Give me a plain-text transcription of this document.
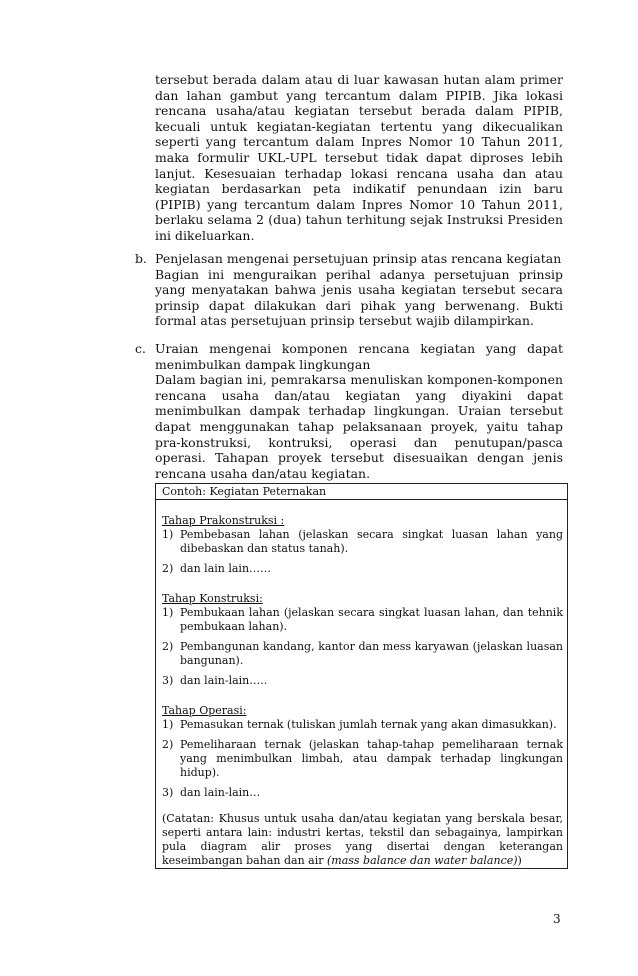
tersebut berada dalam atau di luar kawasan hutan alam primer dan lahan gambut yang tercantum dalam PIPIB. Jika lokasi rencana usaha/atau kegiatan tersebut berada dalam PIPIB, kecuali untuk kegiatan-kegiatan tertentu yang dikecualikan seperti yang tercantum dalam Inpres Nomor 10 Tahun 2011, maka formulir UKL-UPL tersebut tidak dapat diproses lebih lanjut. Kesesuaian terhadap lokasi rencana usaha dan atau kegiatan berdasarkan peta indikatif penundaan izin baru (PIPIB) yang tercantum dalam Inpres Nomor 10 Tahun 2011, berlaku selama 2 (dua) tahun terhitung sejak Instruksi Presiden ini dikeluarkan.

b. Penjelasan mengenai persetujuan prinsip atas rencana kegiatan

Bagian ini menguraikan perihal adanya persetujuan prinsip yang menyatakan bahwa jenis usaha kegiatan tersebut secara prinsip dapat dilakukan dari pihak yang berwenang. Bukti formal atas persetujuan prinsip tersebut wajib dilampirkan.

c. Uraian mengenai komponen rencana kegiatan yang dapat menimbulkan dampak lingkungan

Dalam bagian ini, pemrakarsa menuliskan komponen-komponen rencana usaha dan/atau kegiatan yang diyakini dapat menimbulkan dampak terhadap lingkungan. Uraian tersebut dapat menggunakan tahap pelaksanaan proyek, yaitu tahap pra-konstruksi, kontruksi, operasi dan penutupan/pasca operasi. Tahapan proyek tersebut disesuaikan dengan jenis rencana usaha dan/atau kegiatan.

Contoh: Kegiatan Peternakan

Tahap Prakonstruksi :

1) Pembebasan lahan (jelaskan secara singkat luasan lahan yang dibebaskan dan status tanah).
2) dan lain lain……

Tahap Konstruksi:

1) Pembukaan lahan (jelaskan secara singkat luasan lahan, dan tehnik pembukaan lahan).
2) Pembangunan kandang, kantor dan mess karyawan (jelaskan luasan bangunan).
3) dan lain-lain…..

Tahap Operasi:

1) Pemasukan ternak (tuliskan jumlah ternak yang akan dimasukkan).
2) Pemeliharaan ternak (jelaskan tahap-tahap pemeliharaan ternak yang menimbulkan limbah, atau dampak terhadap lingkungan hidup).
3) dan lain-lain…

(Catatan: Khusus untuk usaha dan/atau kegiatan yang berskala besar, seperti antara lain: industri kertas, tekstil dan sebagainya, lampirkan pula diagram alir proses yang disertai dengan keterangan keseimbangan bahan dan air (mass balance dan water balance))

3
